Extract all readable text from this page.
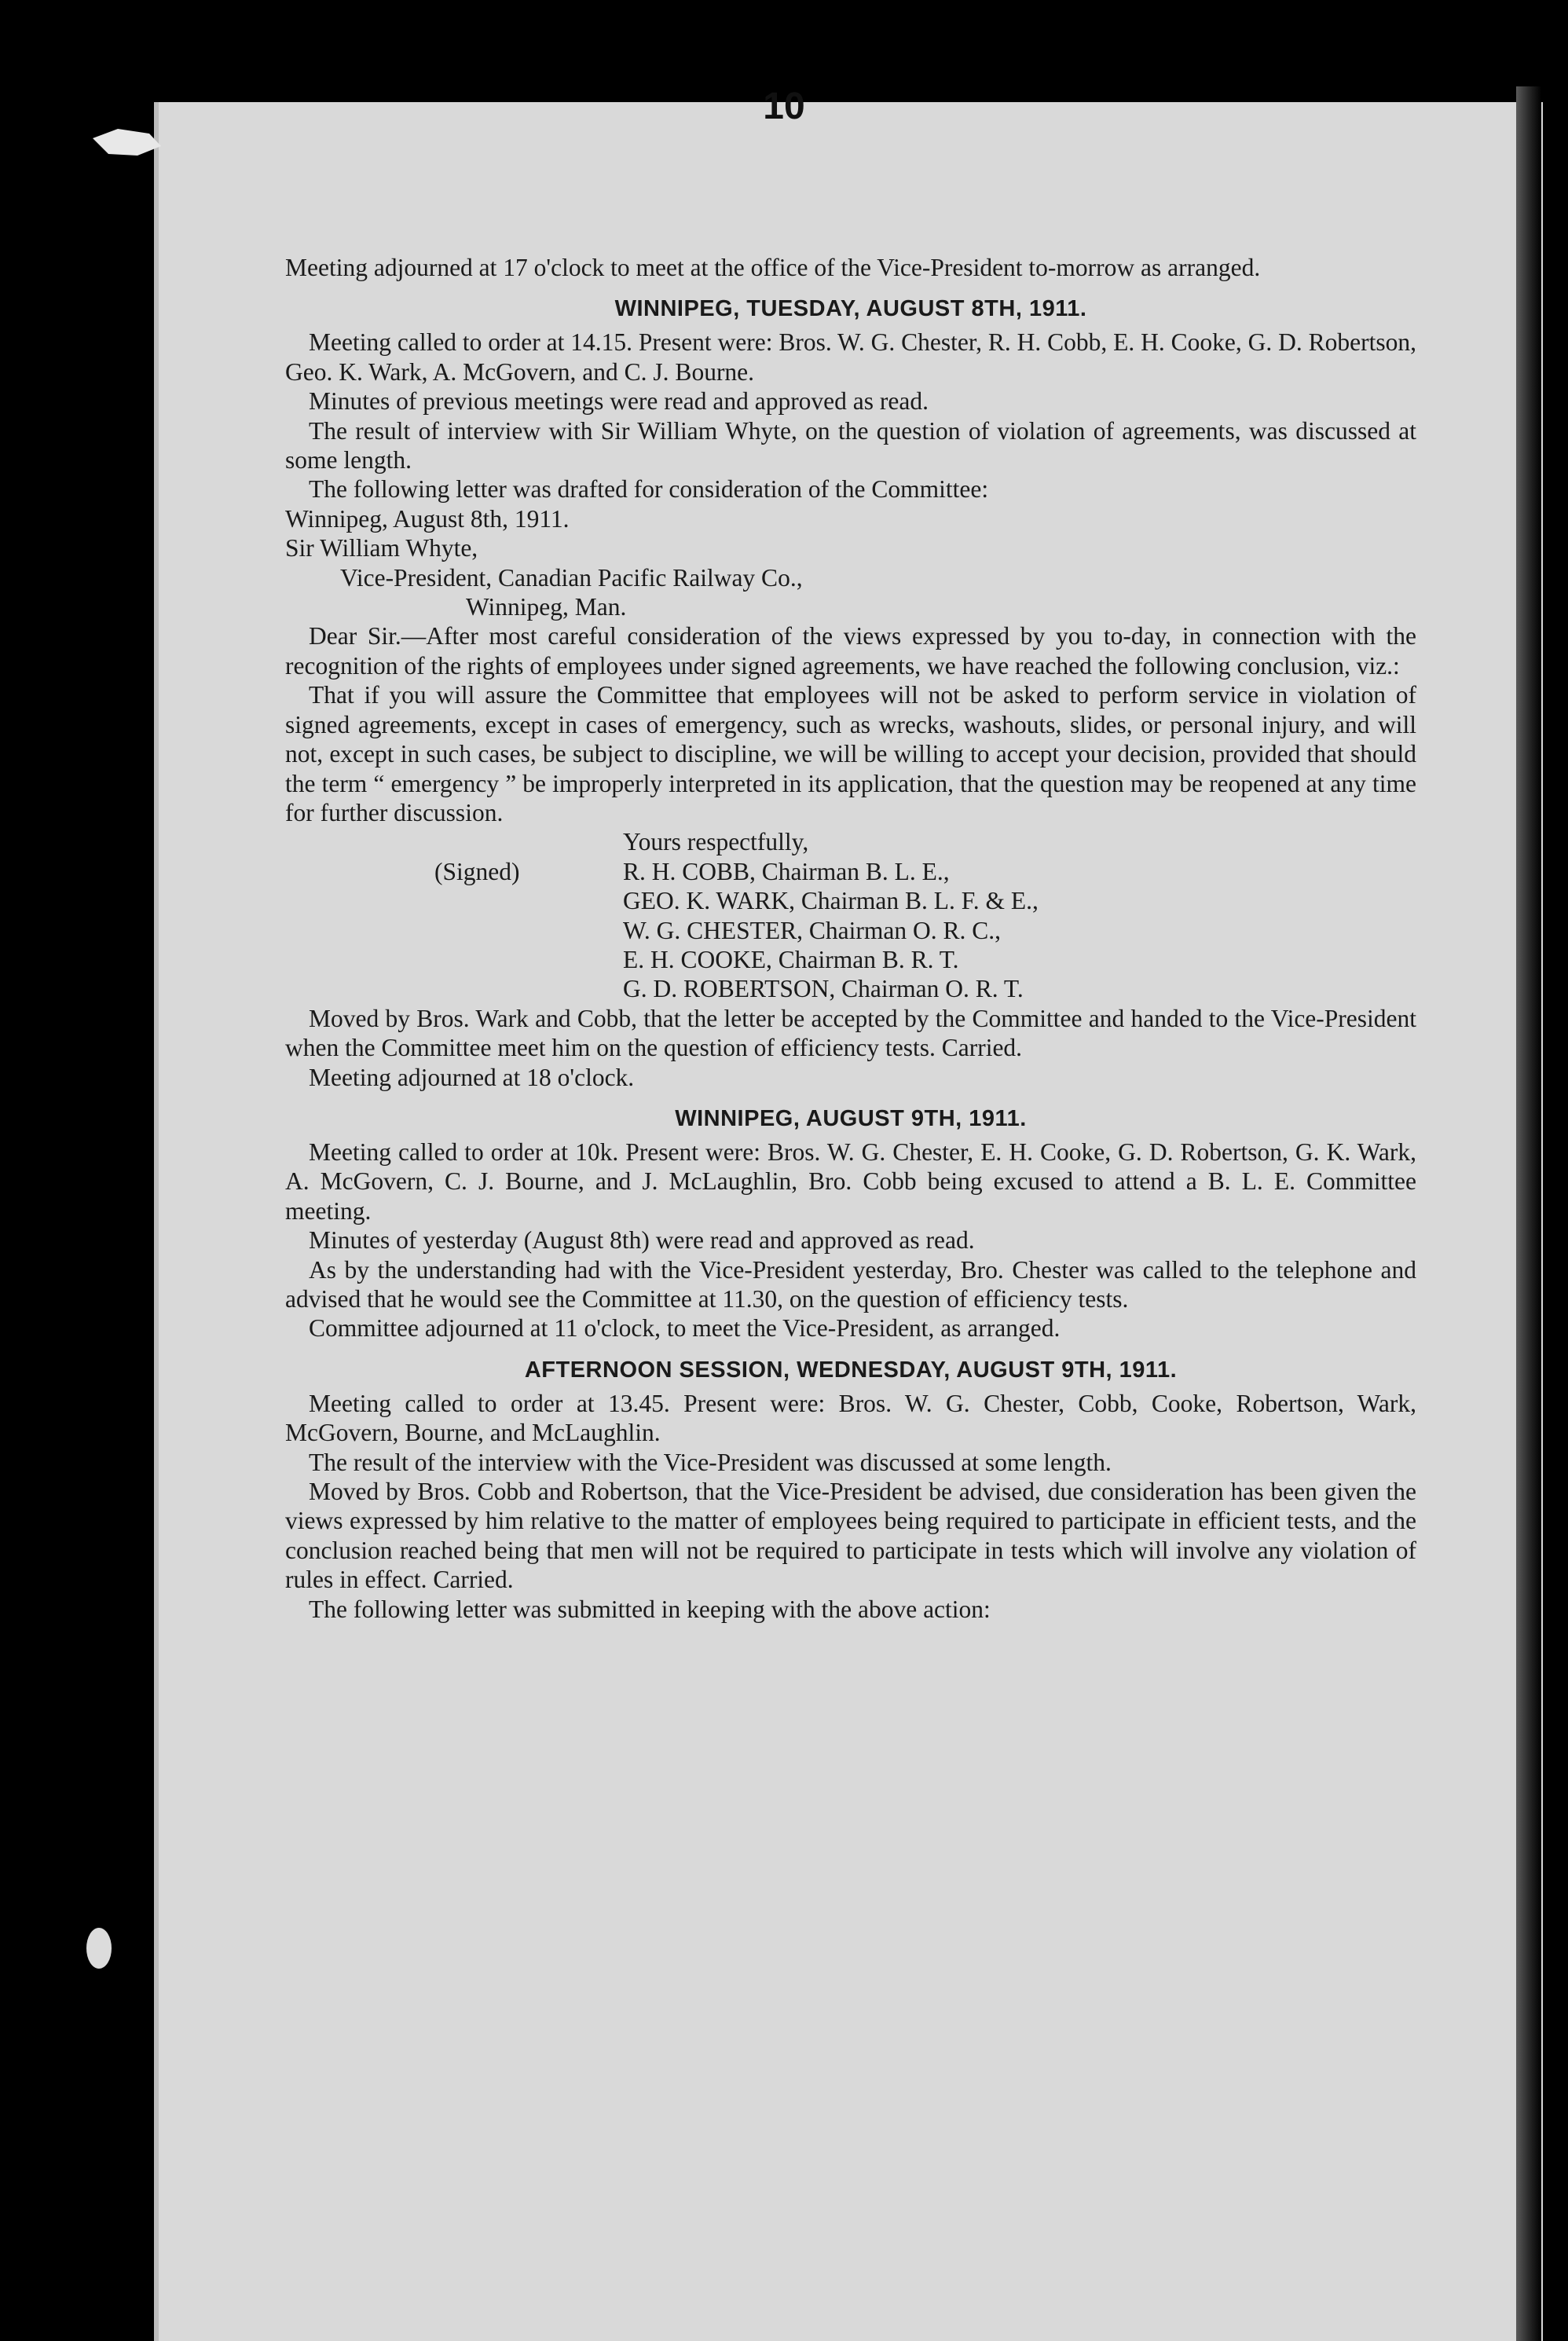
10

Meeting adjourned at 17 o'clock to meet at the office of the Vice-President to-morrow as arranged.

WINNIPEG, TUESDAY, AUGUST 8TH, 1911.

Meeting called to order at 14.15. Present were: Bros. W. G. Chester, R. H. Cobb, E. H. Cooke, G. D. Robertson, Geo. K. Wark, A. McGovern, and C. J. Bourne.

Minutes of previous meetings were read and approved as read.

The result of interview with Sir William Whyte, on the question of violation of agreements, was discussed at some length.

The following letter was drafted for consideration of the Committee:

Winnipeg, August 8th, 1911.

Sir William Whyte,

Vice-President, Canadian Pacific Railway Co.,

Winnipeg, Man.

Dear Sir.—After most careful consideration of the views expressed by you to-day, in connection with the recognition of the rights of employees under signed agreements, we have reached the following conclusion, viz.:

That if you will assure the Committee that employees will not be asked to perform service in violation of signed agreements, except in cases of emergency, such as wrecks, washouts, slides, or personal injury, and will not, except in such cases, be subject to discipline, we will be willing to accept your decision, provided that should the term “ emergency ” be improperly interpreted in its application, that the question may be reopened at any time for further discussion.

Yours respectfully,

(Signed)	R. H. COBB, Chairman B. L. E.,
GEO. K. WARK, Chairman B. L. F. & E.,
W. G. CHESTER, Chairman O. R. C.,
E. H. COOKE, Chairman B. R. T.
G. D. ROBERTSON, Chairman O. R. T.

Moved by Bros. Wark and Cobb, that the letter be accepted by the Committee and handed to the Vice-President when the Committee meet him on the question of efficiency tests. Carried.

Meeting adjourned at 18 o'clock.

WINNIPEG, AUGUST 9TH, 1911.

Meeting called to order at 10k. Present were: Bros. W. G. Chester, E. H. Cooke, G. D. Robertson, G. K. Wark, A. McGovern, C. J. Bourne, and J. McLaughlin, Bro. Cobb being excused to attend a B. L. E. Committee meeting.

Minutes of yesterday (August 8th) were read and approved as read.

As by the understanding had with the Vice-President yesterday, Bro. Chester was called to the telephone and advised that he would see the Committee at 11.30, on the question of efficiency tests.

Committee adjourned at 11 o'clock, to meet the Vice-President, as arranged.

AFTERNOON SESSION, WEDNESDAY, AUGUST 9TH, 1911.

Meeting called to order at 13.45. Present were: Bros. W. G. Chester, Cobb, Cooke, Robertson, Wark, McGovern, Bourne, and McLaughlin.

The result of the interview with the Vice-President was discussed at some length.

Moved by Bros. Cobb and Robertson, that the Vice-President be advised, due consideration has been given the views expressed by him relative to the matter of employees being required to participate in efficient tests, and the conclusion reached being that men will not be required to participate in tests which will involve any violation of rules in effect. Carried.

The following letter was submitted in keeping with the above action:
